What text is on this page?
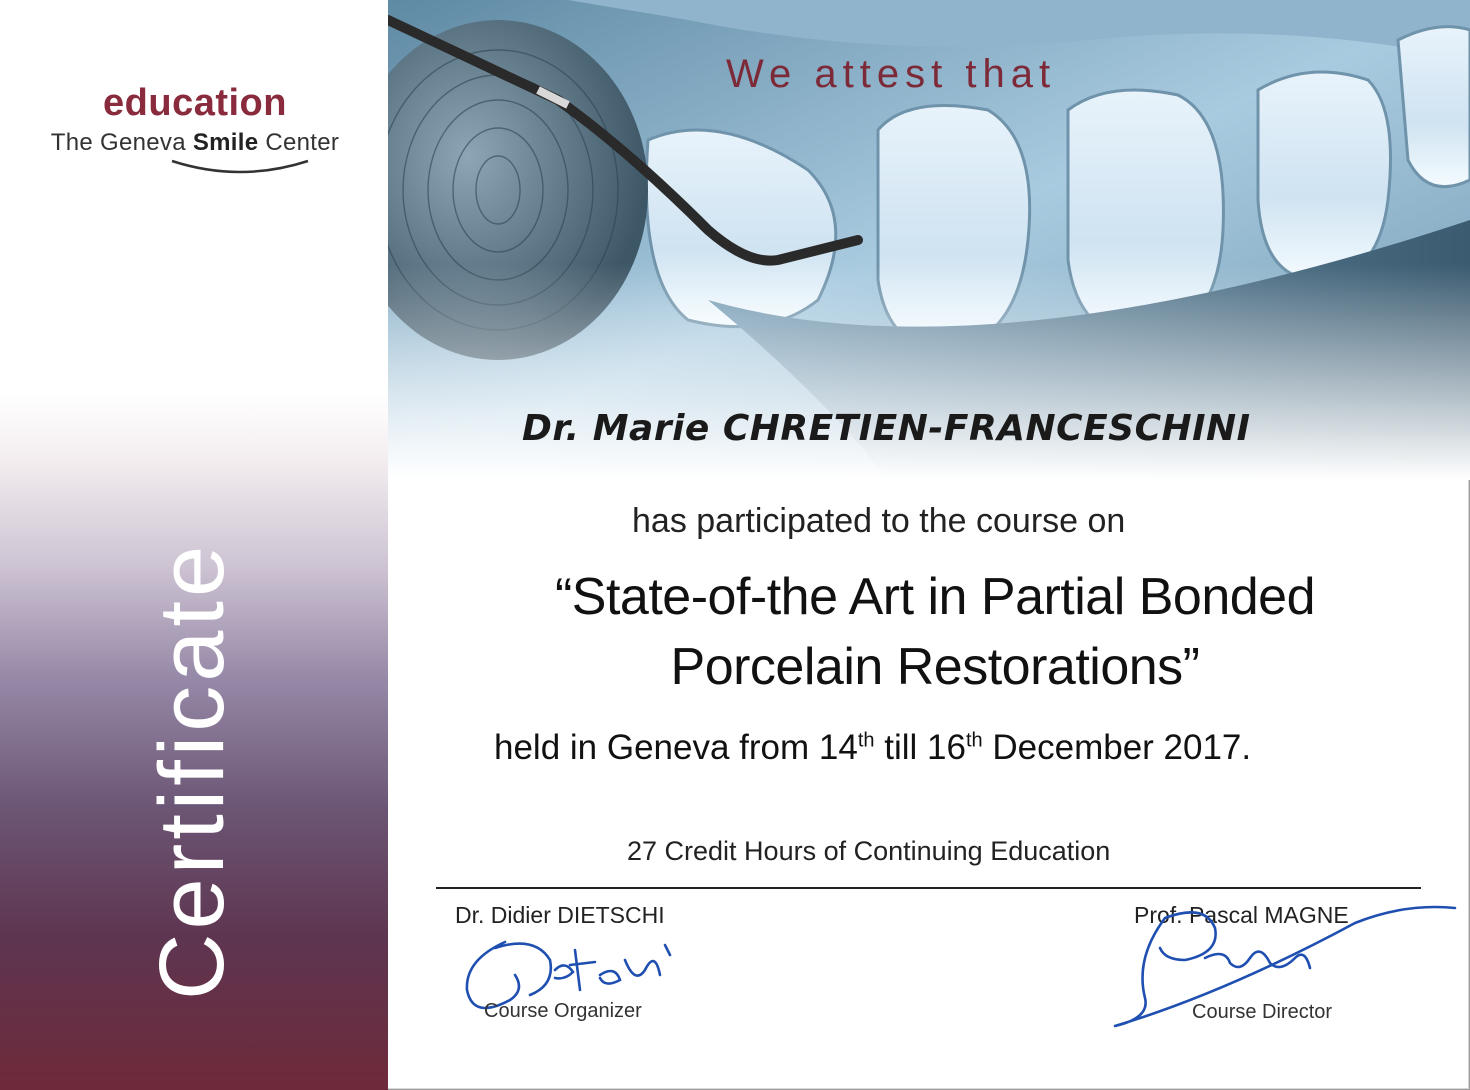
education
The Geneva Smile Center
Certificate
We attest that
Dr. Marie CHRETIEN-FRANCESCHINI
has participated to the course on
“State-of-the Art in Partial Bonded
Porcelain Restorations”
held in Geneva from 14th till 16th December 2017.
27 Credit Hours of Continuing Education
Dr. Didier DIETSCHI	Prof. Pascal MAGNE
Course Organizer	Course Director
